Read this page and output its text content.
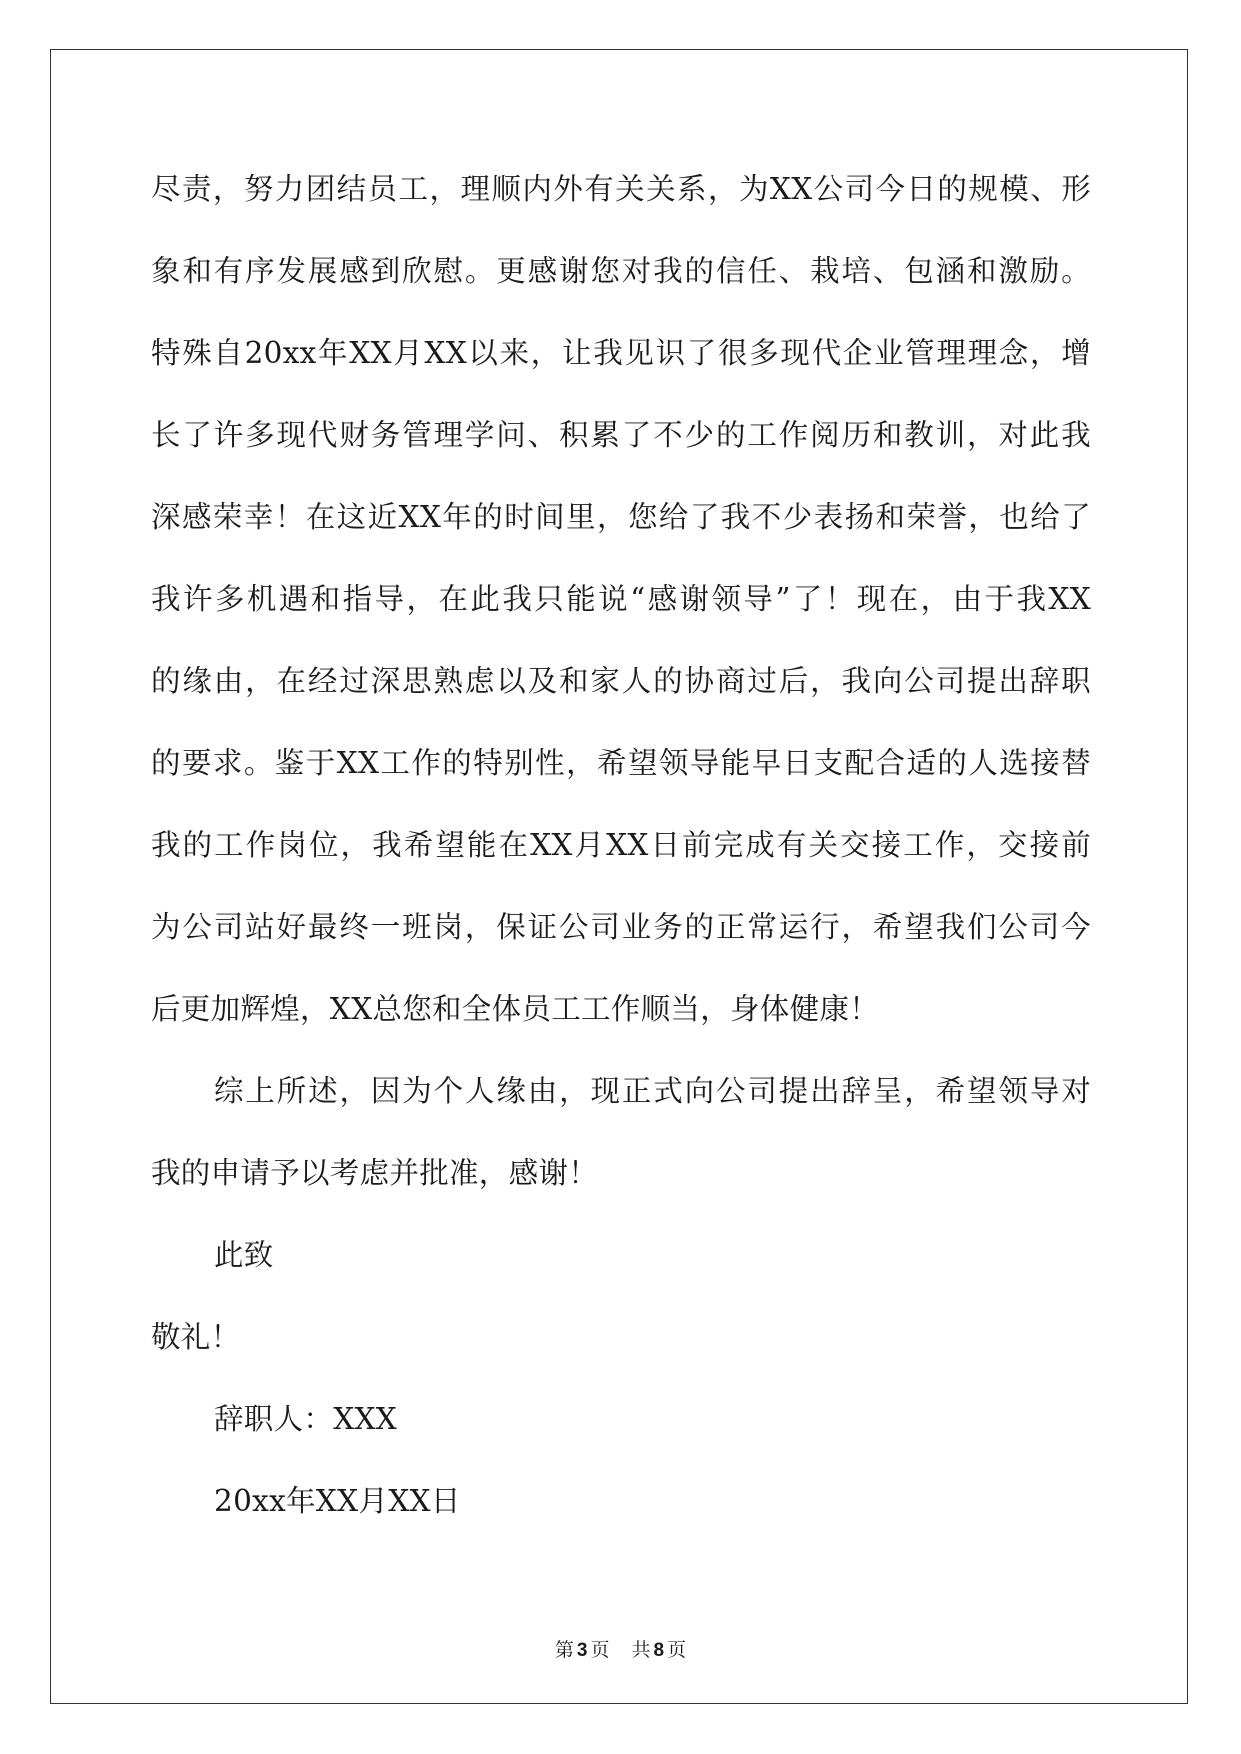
尽责，努力团结员工，理顺内外有关关系，为XX公司今日的规模、形
象和有序发展感到欣慰。更感谢您对我的信任、栽培、包涵和激励。
特殊自20xx年XX月XX以来，让我见识了很多现代企业管理理念，增
长了许多现代财务管理学问、积累了不少的工作阅历和教训，对此我
深感荣幸！在这近XX年的时间里，您给了我不少表扬和荣誉，也给了
我许多机遇和指导，在此我只能说“感谢领导”了！现在，由于我XX
的缘由，在经过深思熟虑以及和家人的协商过后，我向公司提出辞职
的要求。鉴于XX工作的特别性，希望领导能早日支配合适的人选接替
我的工作岗位，我希望能在XX月XX日前完成有关交接工作，交接前
为公司站好最终一班岗，保证公司业务的正常运行，希望我们公司今
后更加辉煌，XX总您和全体员工工作顺当，身体健康！
综上所述，因为个人缘由，现正式向公司提出辞呈，希望领导对
我的申请予以考虑并批准，感谢！
此致
敬礼！
辞职人：XXX
20xx年XX月XX日
第 3 页 共 8 页
